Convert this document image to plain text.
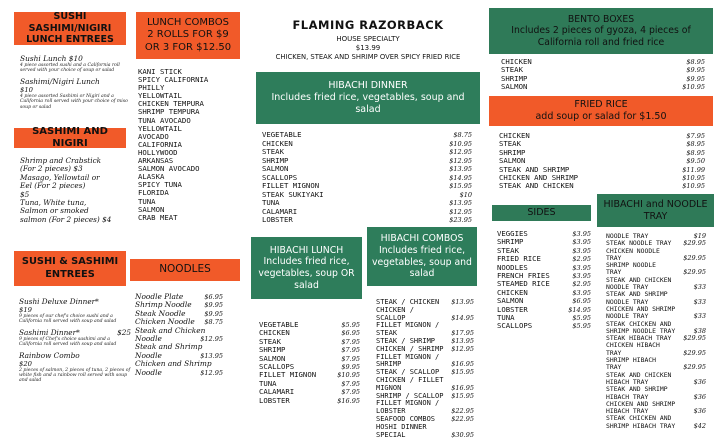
SUSHI SASHIMI/NIGIRI
LUNCH ENTREES
Sushi Lunch $10
4 piece assorted sushi and a California roll served with your choice of soup or salad
Sashimi/Nigiri Lunch
$10
4 piece assorted Sashimi or Nigiri and a California roll served with your choice of miso soup or salad
SASHIMI AND NIGIRI
Shrimp and Crabstick
(For 2 pieces) $3
Masago, Yellowtail or
Eel (For 2 pieces)
$5
Tuna, White tuna,
Salmon or smoked
salmon (For 2 pieces) $4
SUSHI & SASHIMI
ENTREES
Sushi Deluxe Dinner*
$19
9 pieces of our chef's choice sushi and a California roll served with soup and salad
Sashimi Dinner*	$25
9 pieces of Chef's choice sashimi and a California roll served with soup and salad
Rainbow Combo
$20
2 pieces of salmon, 2 pieces of tuna, 2 pieces of white fish and a rainbow roll served with soup and salad
LUNCH COMBOS
2 ROLLS FOR $9
OR 3 FOR $12.50
KANI STICK
SPICY CALIFORNIA
PHILLY
YELLOWTAIL
CHICKEN TEMPURA
SHRIMP TEMPURA
TUNA AVOCADO
YELLOWTAIL
AVOCADO
CALIFORNIA
HOLLYWOOD
ARKANSAS
SALMON AVOCADO
ALASKA
SPICY TUNA
FLORIDA
TUNA
SALMON
CRAB MEAT
NOODLES
Noodle Plate	$6.95
Shrimp Noodle $9.95
Steak Noodle	$9.95
Chicken Noodle $8.75
Steak and Chicken
Noodle	$12.95
Steak and Shrimp
Noodle	$13.95
Chicken and Shrimp
Noodle	$12.95
FLAMING RAZORBACK
HOUSE SPECIALTY
$13.99
CHICKEN, STEAK AND SHRIMP OVER SPICY FRIED RICE
HIBACHI DINNER
Includes fried rice, vegetables, soup and salad
VEGETABLE	$8.75
CHICKEN	$10.95
STEAK	$12.95
SHRIMP	$12.95
SALMON	$13.95
SCALLOPS	$14.95
FILLET MIGNON	$15.95
STEAK SUKIYAKI	$10
TUNA	$13.95
CALAMARI	$12.95
LOBSTER	$23.95
HIBACHI LUNCH Includes fried rice, vegetables, soup OR salad
VEGETABLE	$5.95
CHICKEN	$6.95
STEAK	$7.95
SHRIMP	$7.95
SALMON	$7.95
SCALLOPS	$9.95
FILLET MIGNON	$10.95
TUNA	$7.95
CALAMARI	$7.95
LOBSTER	$16.95
HIBACHI COMBOS Includes fried rice, vegetables, soup and salad
STEAK / CHICKEN $13.95
CHICKEN /
SCALLOP	$14.95
FILLET MIGNON /
STEAK	$17.95
STEAK / SHRIMP $13.95
CHICKEN / SHRIMP $12.95
FILLET MIGNON /
SHRIMP	$16.95
STEAK / SCALLOP $15.95
CHICKEN / FILLET
MIGNON	$16.95
SHRIMP / SCALLOP $15.95
FILLET MIGNON /
LOBSTER	$22.95
SEAFOOD COMBOS $22.95
HOSHI DINNER
SPECIAL	$30.95
BENTO BOXES
Includes 2 pieces of gyoza, 4 pieces of California roll and fried rice
CHICKEN	$8.95
STEAK	$9.95
SHRIMP	$9.95
SALMON	$10.95
FRIED RICE
add soup or salad for $1.50
CHICKEN	$7.95
STEAK	$8.95
SHRIMP	$8.95
SALMON	$9.50
STEAK AND SHRIMP	$11.99
CHICKEN AND SHRIMP	$10.95
STEAK AND CHICKEN	$10.95
SIDES
VEGGIES	$3.95
SHRIMP	$3.95
STEAK	$3.95
FRIED RICE	$2.95
NOODLES	$3.95
FRENCH FRIES	$3.95
STEAMED RICE	$2.95
CHICKEN	$3.95
SALMON	$6.95
LOBSTER	$14.95
TUNA	$5.95
SCALLOPS	$5.95
HIBACHI and NOODLE
TRAY
NOODLE TRAY	$19
STEAK NOODLE TRAY $29.95
CHICKEN NOODLE
TRAY	$29.95
SHRIMP NOODLE
TRAY	$29.95
STEAK AND CHICKEN
NOODLE TRAY	$33
STEAK AND SHRIMP
NOODLE TRAY	$33
CHICKEN AND SHRIMP
NOODLE TRAY	$33
STEAK CHICKEN AND
SHRIMP NOODLE TRAY	$38
STEAK HIBACH TRAY $29.95
CHICKEN HIBACH
TRAY	$29.95
SHRIMP HIBACH
TRAY	$29.95
STEAK AND CHICKEN
HIBACH TRAY	$36
STEAK AND SHRIMP
HIBACH TRAY	$36
CHICKEN AND SHRIMP
HIBACH TRAY	$36
STEAK CHICKEN AND
SHRIMP HIBACH TRAY	$42
